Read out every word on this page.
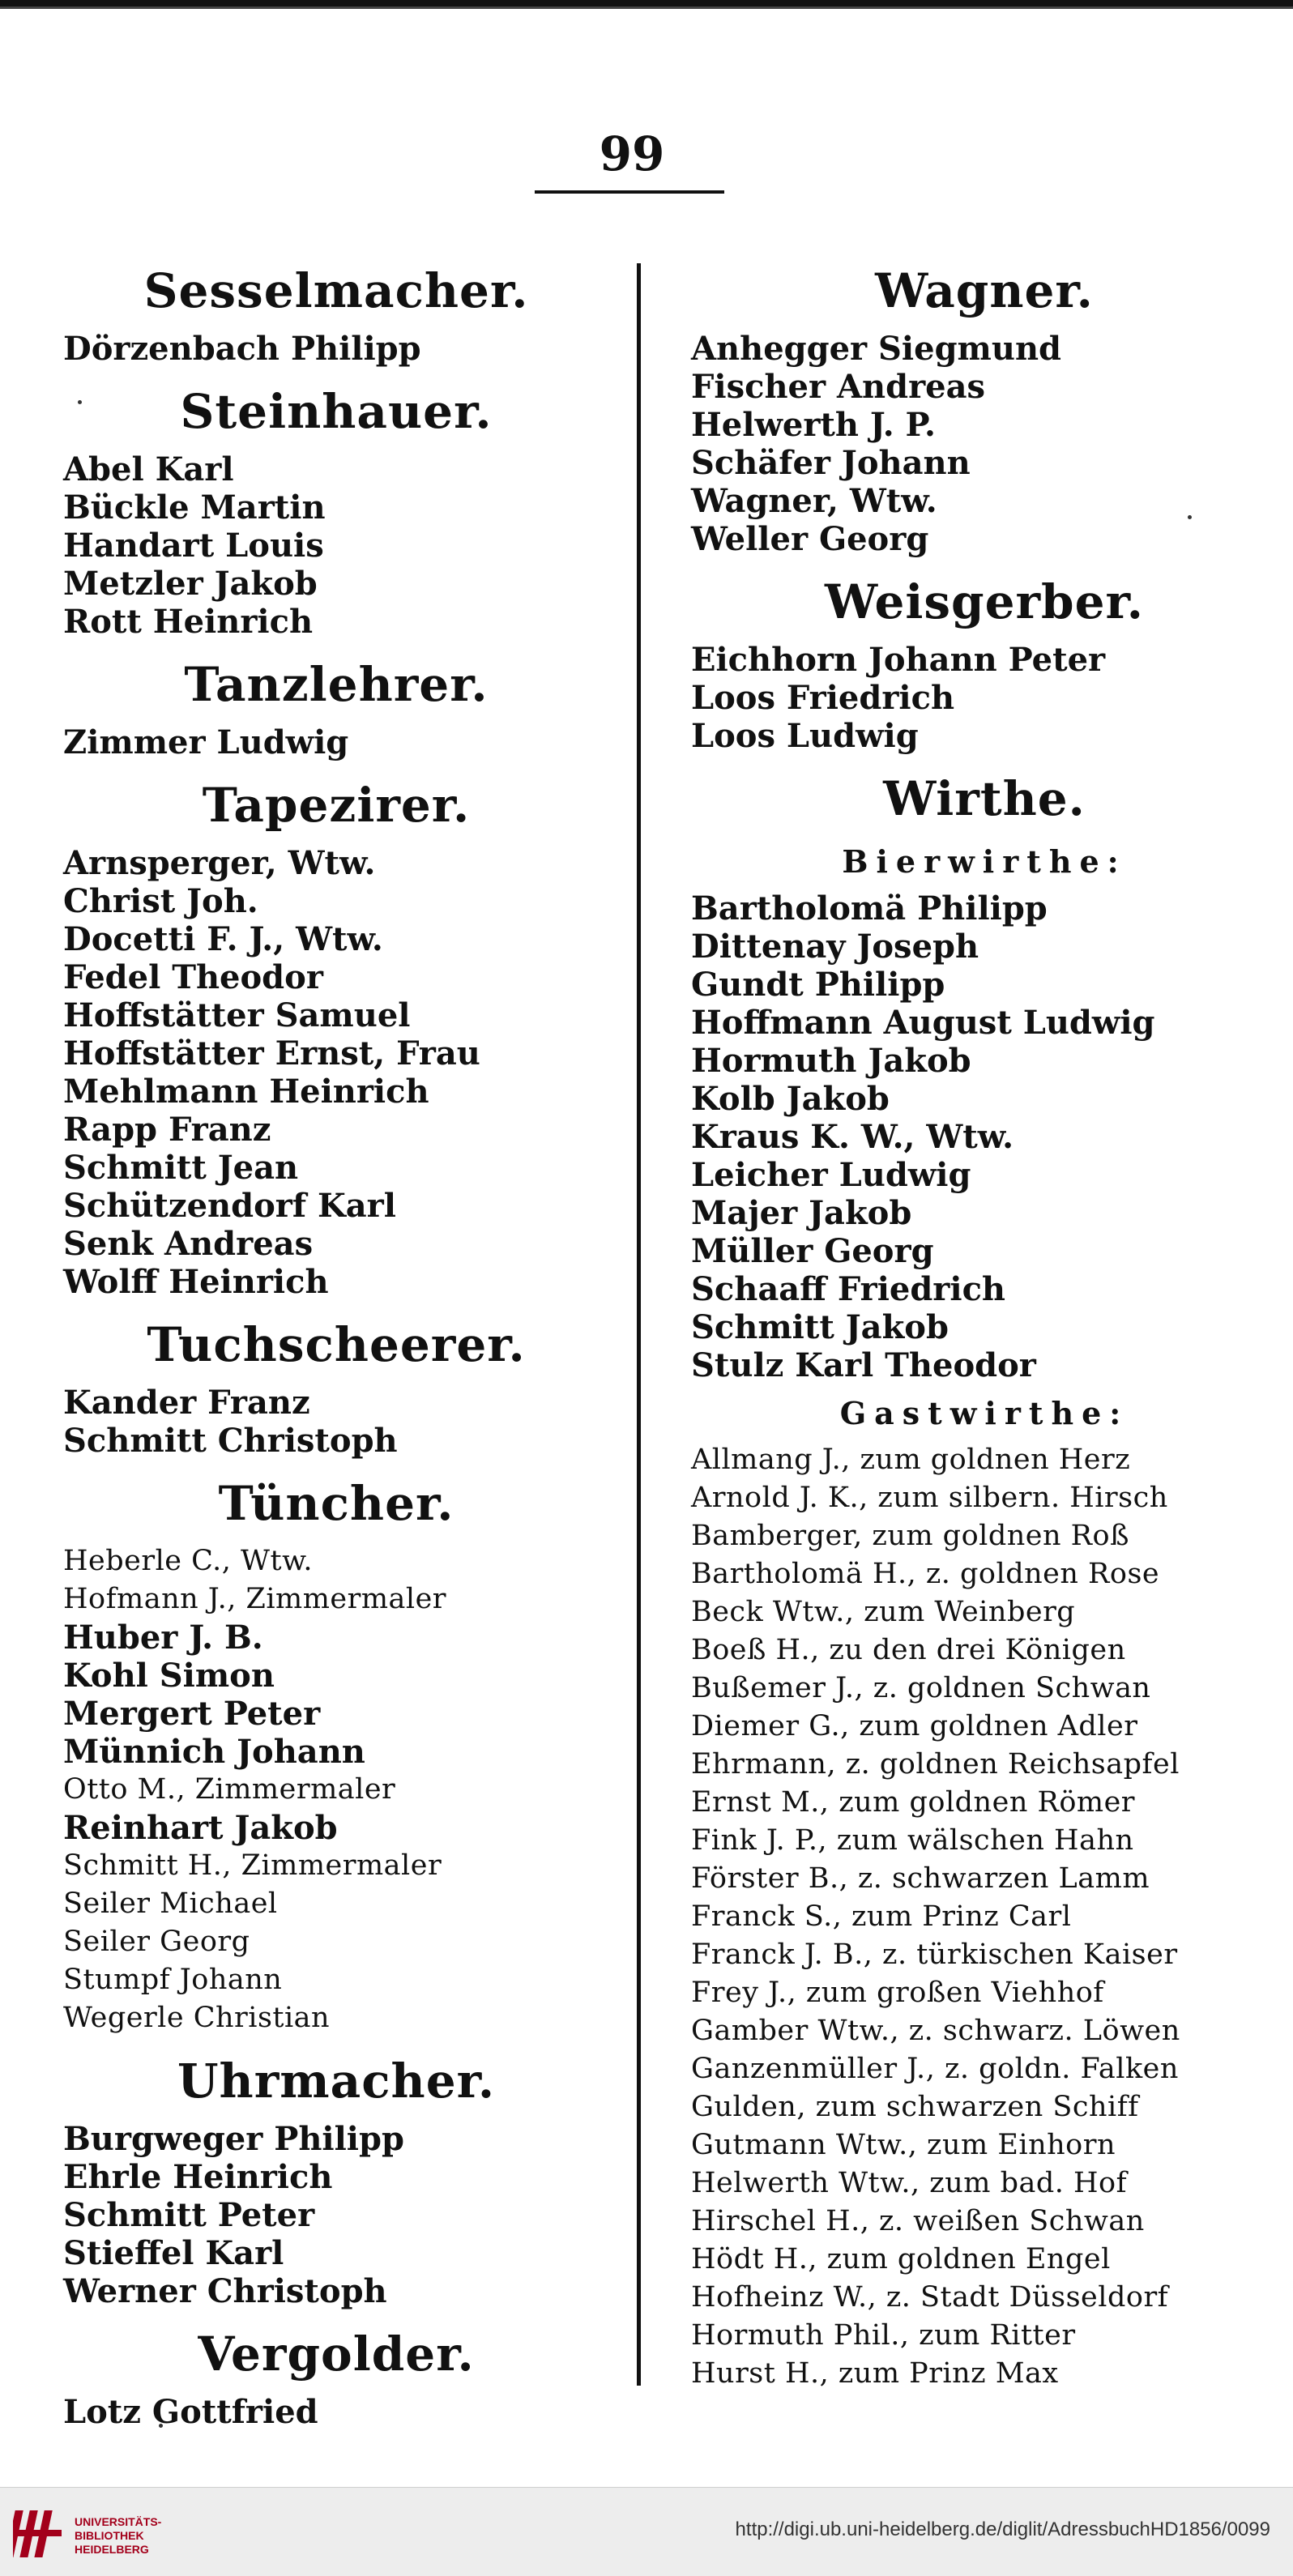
99
Sesselmacher.
Dörzenbach Philipp
Steinhauer.
Abel Karl
Bückle Martin
Handart Louis
Metzler Jakob
Rott Heinrich
Tanzlehrer.
Zimmer Ludwig
Tapezirer.
Arnsperger, Wtw.
Christ Joh.
Docetti F. J., Wtw.
Fedel Theodor
Hoffstätter Samuel
Hoffstätter Ernst, Frau
Mehlmann Heinrich
Rapp Franz
Schmitt Jean
Schützendorf Karl
Senk Andreas
Wolff Heinrich
Tuchscheerer.
Kander Franz
Schmitt Christoph
Tüncher.
Heberle C., Wtw.
Hofmann J., Zimmermaler
Huber J. B.
Kohl Simon
Mergert Peter
Münnich Johann
Otto M., Zimmermaler
Reinhart Jakob
Schmitt H., Zimmermaler
Seiler Michael
Seiler Georg
Stumpf Johann
Wegerle Christian
Uhrmacher.
Burgweger Philipp
Ehrle Heinrich
Schmitt Peter
Stieffel Karl
Werner Christoph
Vergolder.
Lotz Gottfried
Wagner.
Anhegger Siegmund
Fischer Andreas
Helwerth J. P.
Schäfer Johann
Wagner, Wtw.
Weller Georg
Weisgerber.
Eichhorn Johann Peter
Loos Friedrich
Loos Ludwig
Wirthe.
Bierwirthe:
Bartholomä Philipp
Dittenay Joseph
Gundt Philipp
Hoffmann August Ludwig
Hormuth Jakob
Kolb Jakob
Kraus K. W., Wtw.
Leicher Ludwig
Majer Jakob
Müller Georg
Schaaff Friedrich
Schmitt Jakob
Stulz Karl Theodor
Gastwirthe:
Allmang J., zum goldnen Herz
Arnold J. K., zum silbern. Hirsch
Bamberger, zum goldnen Roß
Bartholomä H., z. goldnen Rose
Beck Wtw., zum Weinberg
Boeß H., zu den drei Königen
Bußemer J., z. goldnen Schwan
Diemer G., zum goldnen Adler
Ehrmann, z. goldnen Reichsapfel
Ernst M., zum goldnen Römer
Fink J. P., zum wälschen Hahn
Förster B., z. schwarzen Lamm
Franck S., zum Prinz Carl
Franck J. B., z. türkischen Kaiser
Frey J., zum großen Viehhof
Gamber Wtw., z. schwarz. Löwen
Ganzenmüller J., z. goldn. Falken
Gulden, zum schwarzen Schiff
Gutmann Wtw., zum Einhorn
Helwerth Wtw., zum bad. Hof
Hirschel H., z. weißen Schwan
Hödt H., zum goldnen Engel
Hofheinz W., z. Stadt Düsseldorf
Hormuth Phil., zum Ritter
Hurst H., zum Prinz Max
UNIVERSITÄTS-
BIBLIOTHEK
HEIDELBERG
http://digi.ub.uni-heidelberg.de/diglit/AdressbuchHD1856/0099
